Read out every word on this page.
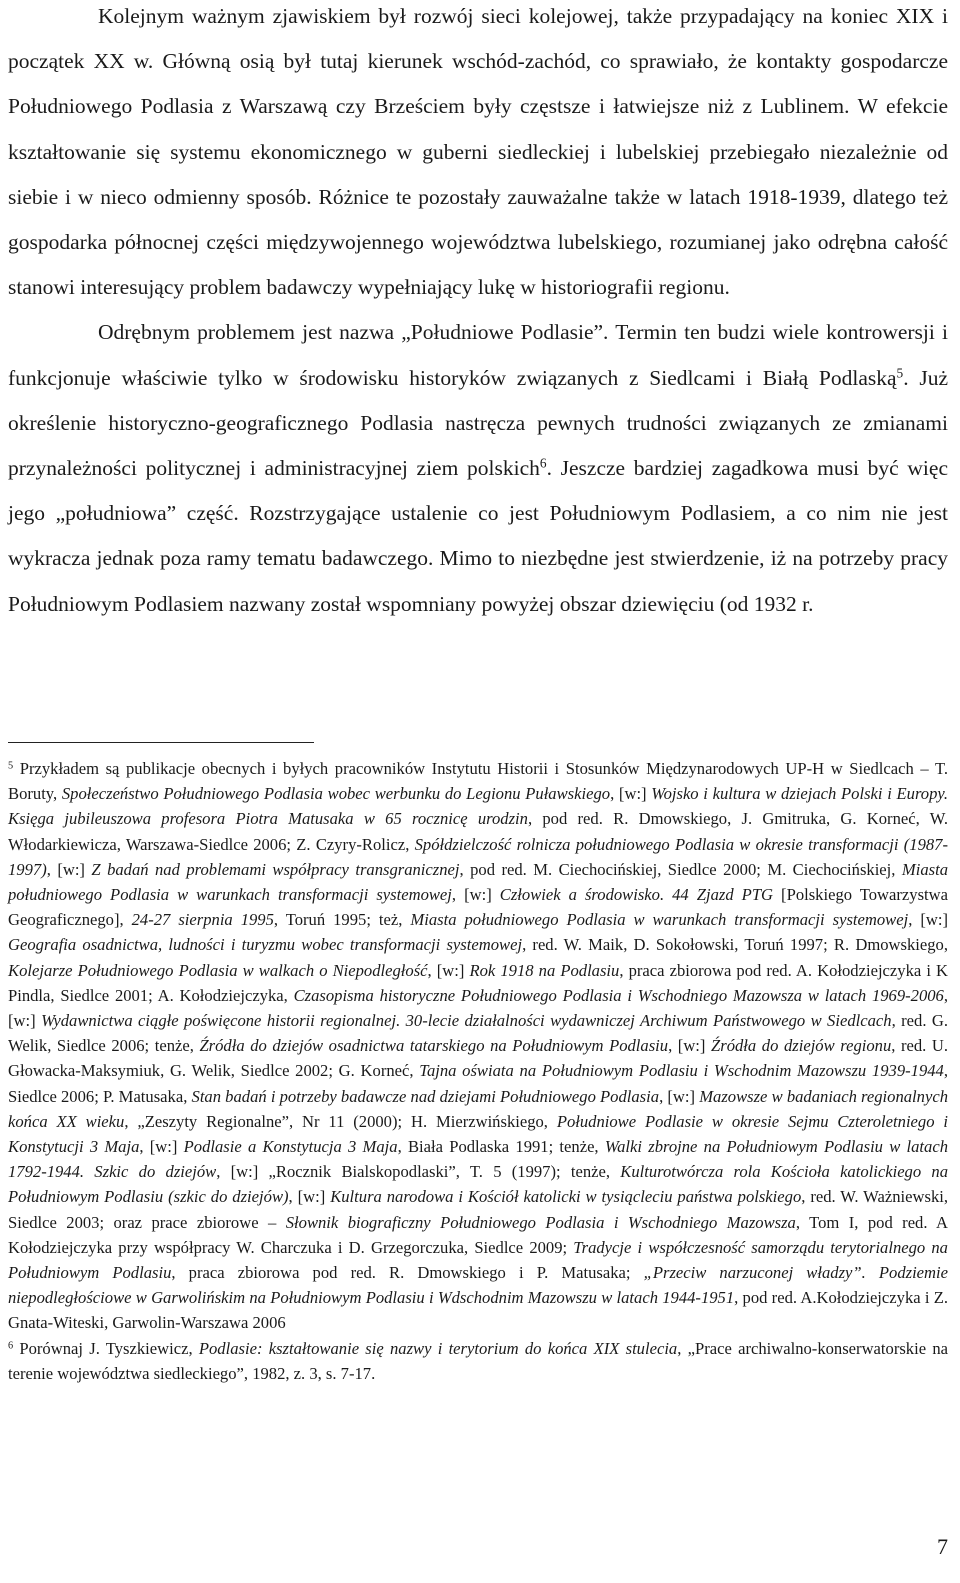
Kolejnym ważnym zjawiskiem był rozwój sieci kolejowej, także przypadający na koniec XIX i początek XX w. Główną osią był tutaj kierunek wschód-zachód, co sprawiało, że kontakty gospodarcze Południowego Podlasia z Warszawą czy Brześciem były częstsze i łatwiejsze niż z Lublinem. W efekcie kształtowanie się systemu ekonomicznego w guberni siedleckiej i lubelskiej przebiegało niezależnie od siebie i w nieco odmienny sposób. Różnice te pozostały zauważalne także w latach 1918-1939, dlatego też gospodarka północnej części międzywojennego województwa lubelskiego, rozumianej jako odrębna całość stanowi interesujący problem badawczy wypełniający lukę w historiografii regionu.

Odrębnym problemem jest nazwa „Południowe Podlasie”. Termin ten budzi wiele kontrowersji i funkcjonuje właściwie tylko w środowisku historyków związanych z Siedlcami i Białą Podlaską$^5$. Już określenie historyczno-geograficznego Podlasia nastręcza pewnych trudności związanych ze zmianami przynależności politycznej i administracyjnej ziem polskich$^6$. Jeszcze bardziej zagadkowa musi być więc jego „południowa” część. Rozstrzygające ustalenie co jest Południowym Podlasiem, a co nim nie jest wykracza jednak poza ramy tematu badawczego. Mimo to niezbędne jest stwierdzenie, iż na potrzeby pracy Południowym Podlasiem nazwany został wspomniany powyżej obszar dziewięciu (od 1932 r.

$^5$ Przykładem są publikacje obecnych i byłych pracowników Instytutu Historii i Stosunków Międzynarodowych UP-H w Siedlcach – T. Boruty, Społeczeństwo Południowego Podlasia wobec werbunku do Legionu Puławskiego, [w:] Wojsko i kultura w dziejach Polski i Europy. Księga jubileuszowa profesora Piotra Matusaka w 65 rocznicę urodzin, pod red. R. Dmowskiego, J. Gmitruka, G. Korneć, W. Włodarkiewicza, Warszawa-Siedlce 2006; Z. Czyry-Rolicz, Spółdzielczość rolnicza południowego Podlasia w okresie transformacji (1987-1997), [w:] Z badań nad problemami współpracy transgranicznej, pod red. M. Ciechocińskiej, Siedlce 2000; M. Ciechocińskiej, Miasta południowego Podlasia w warunkach transformacji systemowej, [w:] Człowiek a środowisko. 44 Zjazd PTG [Polskiego Towarzystwa Geograficznego], 24-27 sierpnia 1995, Toruń 1995; też, Miasta południowego Podlasia w warunkach transformacji systemowej, [w:] Geografia osadnictwa, ludności i turyzmu wobec transformacji systemowej, red. W. Maik, D. Sokołowski, Toruń 1997; R. Dmowskiego, Kolejarze Południowego Podlasia w walkach o Niepodległość, [w:] Rok 1918 na Podlasiu, praca zbiorowa pod red. A. Kołodziejczyka i K Pindla, Siedlce 2001; A. Kołodziejczyka, Czasopisma historyczne Południowego Podlasia i Wschodniego Mazowsza w latach 1969-2006, [w:] Wydawnictwa ciągłe poświęcone historii regionalnej. 30-lecie działalności wydawniczej Archiwum Państwowego w Siedlcach, red. G. Welik, Siedlce 2006; tenże, Źródła do dziejów osadnictwa tatarskiego na Południowym Podlasiu, [w:] Źródła do dziejów regionu, red. U. Głowacka-Maksymiuk, G. Welik, Siedlce 2002; G. Korneć, Tajna oświata na Południowym Podlasiu i Wschodnim Mazowszu 1939-1944, Siedlce 2006; P. Matusaka, Stan badań i potrzeby badawcze nad dziejami Południowego Podlasia, [w:] Mazowsze w badaniach regionalnych końca XX wieku, „Zeszyty Regionalne”, Nr 11 (2000); H. Mierzwińskiego, Południowe Podlasie w okresie Sejmu Czteroletniego i Konstytucji 3 Maja, [w:] Podlasie a Konstytucja 3 Maja, Biała Podlaska 1991; tenże, Walki zbrojne na Południowym Podlasiu w latach 1792-1944. Szkic do dziejów, [w:] „Rocznik Bialskopodlaski”, T. 5 (1997); tenże, Kulturotwórcza rola Kościoła katolickiego na Południowym Podlasiu (szkic do dziejów), [w:] Kultura narodowa i Kościół katolicki w tysiącleciu państwa polskiego, red. W. Ważniewski, Siedlce 2003; oraz prace zbiorowe – Słownik biograficzny Południowego Podlasia i Wschodniego Mazowsza, Tom I, pod red. A Kołodziejczyka przy współpracy W. Charczuka i D. Grzegorczuka, Siedlce 2009; Tradycje i współczesność samorządu terytorialnego na Południowym Podlasiu, praca zbiorowa pod red. R. Dmowskiego i P. Matusaka; „Przeciw narzuconej władzy”. Podziemie niepodległościowe w Garwolińskim na Południowym Podlasiu i Wdschodnim Mazowszu w latach 1944-1951, pod red. A.Kołodziejczyka i Z. Gnata-Witeski, Garwolin-Warszawa 2006

$^6$ Porównaj J. Tyszkiewicz, Podlasie: kształtowanie się nazwy i terytorium do końca XIX stulecia, „Prace archiwalno-konserwatorskie na terenie województwa siedleckiego”, 1982, z. 3, s. 7-17.

7
